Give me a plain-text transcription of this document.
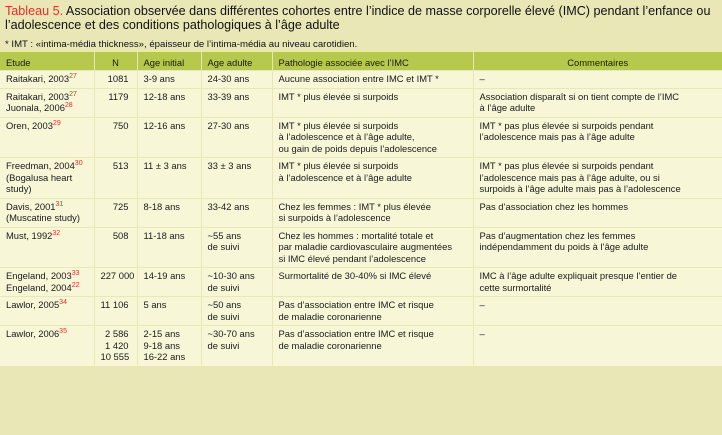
Tableau 5. Association observée dans différentes cohortes entre l’indice de masse corporelle élevé (IMC) pendant l’enfance ou l’adolescence et des conditions pathologiques à l’âge adulte
* IMT : «intima-média thickness», épaisseur de l’intima-média au niveau carotidien.
Etude	N	Age initial	Age adulte	Pathologie associée avec l’IMC	Commentaires

Raitakari, 2003$^{27}$	1081	3-9 ans	24-30 ans	Aucune association entre IMC et IMT *	–

Raitakari, 2003$^{27}$
Juonala, 2006$^{28}$	1179	12-18 ans	33-39 ans	IMT * plus élevée si surpoids	Association disparaît si on tient compte de l’IMC
à l’âge adulte

Oren, 2003$^{29}$	750	12-16 ans	27-30 ans	IMT * plus élevée si surpoids
à l’adolescence et à l’âge adulte,
ou gain de poids depuis l’adolescence	IMT * pas plus élevée si surpoids pendant
l’adolescence mais pas à l’âge adulte

Freedman, 2004$^{30}$
(Bogalusa heart
study)	513	11 ± 3 ans	33 ± 3 ans	IMT * plus élevée si surpoids
à l’adolescence et à l’âge adulte	IMT * pas plus élevée si surpoids pendant
l’adolescence mais pas à l’âge adulte, ou si
surpoids à l’âge adulte mais pas à l’adolescence

Davis, 2001$^{31}$
(Muscatine study)	725	8-18 ans	33-42 ans	Chez les femmes : IMT * plus élevée
si surpoids à l’adolescence	Pas d’association chez les hommes

Must, 1992$^{32}$	508	11-18 ans	~55 ans
de suivi	Chez les hommes : mortalité totale et
par maladie cardiovasculaire augmentées
si IMC élevé pendant l’adolescence	Pas d’augmentation chez les femmes
indépendamment du poids à l’âge adulte

Engeland, 2003$^{33}$
Engeland, 2004$^{22}$	227 000	14-19 ans	~10-30 ans
de suivi	Surmortalité de 30-40% si IMC élevé	IMC à l’âge adulte expliquait presque l’entier de
cette surmortalité

Lawlor, 2005$^{34}$	11 106	5 ans	~50 ans
de suivi	Pas d’association entre IMC et risque
de maladie coronarienne	–

Lawlor, 2006$^{35}$	2 586
1 420
10 555	2-15 ans
9-18 ans
16-22 ans	~30-70 ans
de suivi	Pas d’association entre IMC et risque
de maladie coronarienne	–
